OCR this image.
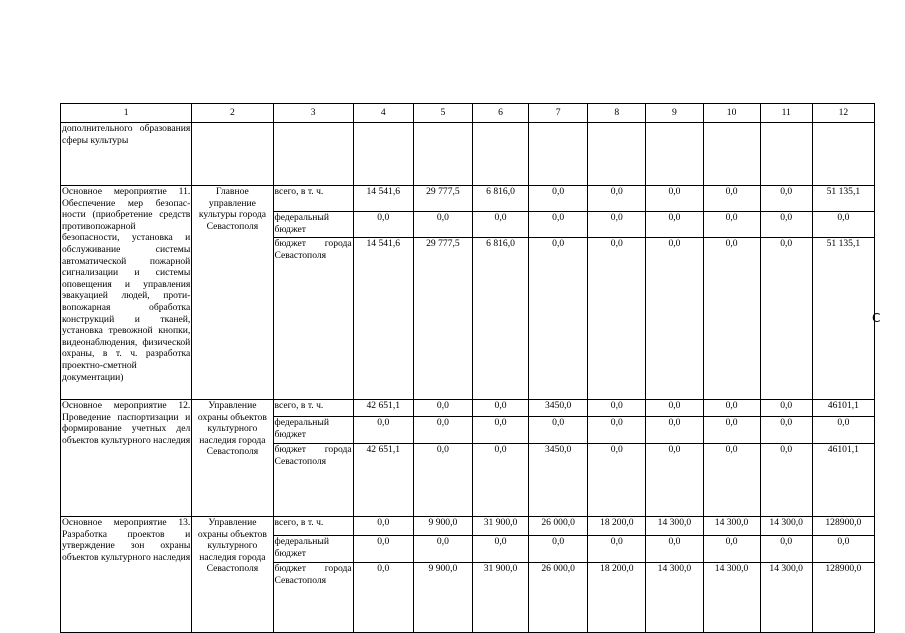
1	2	3	4	5	6	7	8	9	10	11	12
дополнительного образования сферы культуры											
Основное мероприятие 11. Обеспечение мер безопас-ности (приобретение средств противопожарной безопасности, установка и обслуживание системы автоматической пожарной сигнализации и системы оповещения и управления эвакуацией людей, проти-вопожарная обработка конструкций и тканей, установка тревожной кнопки, видеонаблюдения, физической охраны, в т. ч. разработка проектно-сметной документации)	Главное управление культуры города Севастополя	всего, в т. ч.	14 541,6	29 777,5	6 816,0	0,0	0,0	0,0	0,0	0,0	51 135,1
		федеральный бюджет	0,0	0,0	0,0	0,0	0,0	0,0	0,0	0,0	0,0
		бюджет города Севастополя	14 541,6	29 777,5	6 816,0	0,0	0,0	0,0	0,0	0,0	51 135,1
Основное мероприятие 12. Проведение паспортизации и формирование учетных дел объектов культурного наследия	Управление охраны объектов культурного наследия города Севастополя	всего, в т. ч.	42 651,1	0,0	0,0	3450,0	0,0	0,0	0,0	0,0	46101,1
		федеральный бюджет	0,0	0,0	0,0	0,0	0,0	0,0	0,0	0,0	0,0
		бюджет города Севастополя	42 651,1	0,0	0,0	3450,0	0,0	0,0	0,0	0,0	46101,1
Основное мероприятие 13. Разработка проектов и утверждение зон охраны объектов культурного наследия	Управление охраны объектов культурного наследия города Севастополя	всего, в т. ч.	0,0	9 900,0	31 900,0	26 000,0	18 200,0	14 300,0	14 300,0	14 300,0	128900,0
		федеральный бюджет	0,0	0,0	0,0	0,0	0,0	0,0	0,0	0,0	0,0
		бюджет города Севастополя	0,0	9 900,0	31 900,0	26 000,0	18 200,0	14 300,0	14 300,0	14 300,0	128900,0
С
